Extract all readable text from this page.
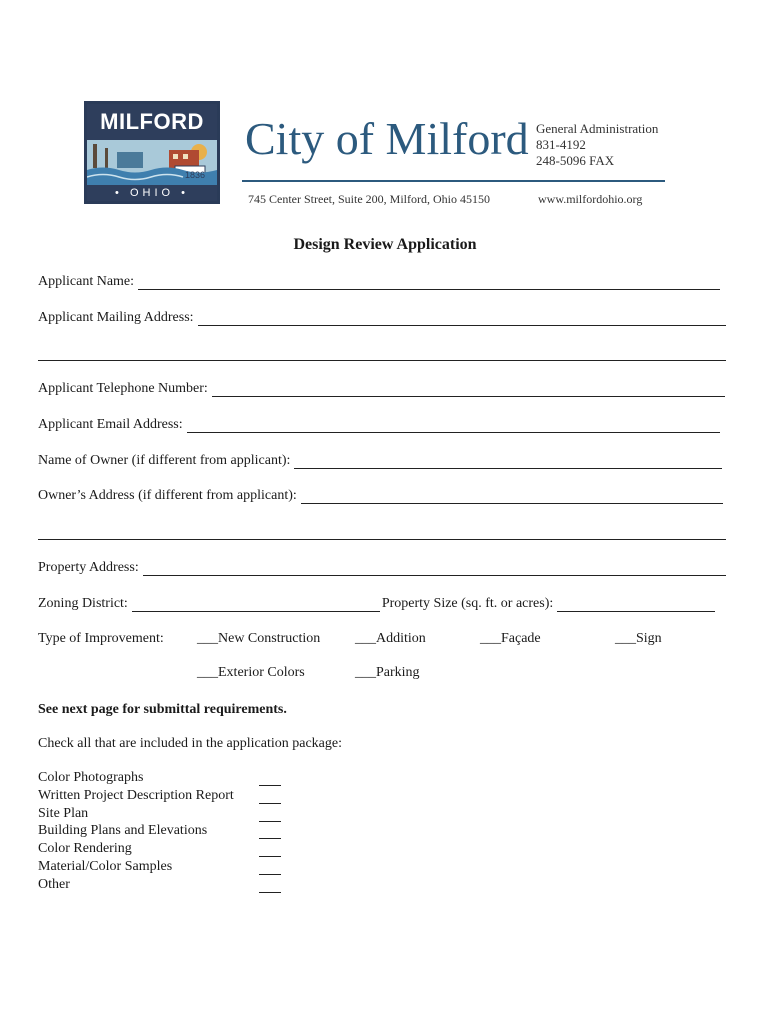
MILFORD
1836
• OHIO •
City of Milford General Administration
831-4192
248-5096 FAX
745 Center Street, Suite 200, Milford, Ohio 45150	www.milfordohio.org
Design Review Application
Applicant Name:
Applicant Mailing Address:
Applicant Telephone Number:
Applicant Email Address:
Name of Owner (if different from applicant):
Owner’s Address (if different from applicant):
Property Address:
Zoning District:	Property Size (sq. ft. or acres):
Type of Improvement: ___New Construction ___Addition	___Façade	___Sign
___Exterior Colors	___Parking
See next page for submittal requirements.
Check all that are included in the application package:
Color Photographs
Written Project Description Report
Site Plan
Building Plans and Elevations
Color Rendering
Material/Color Samples
Other
